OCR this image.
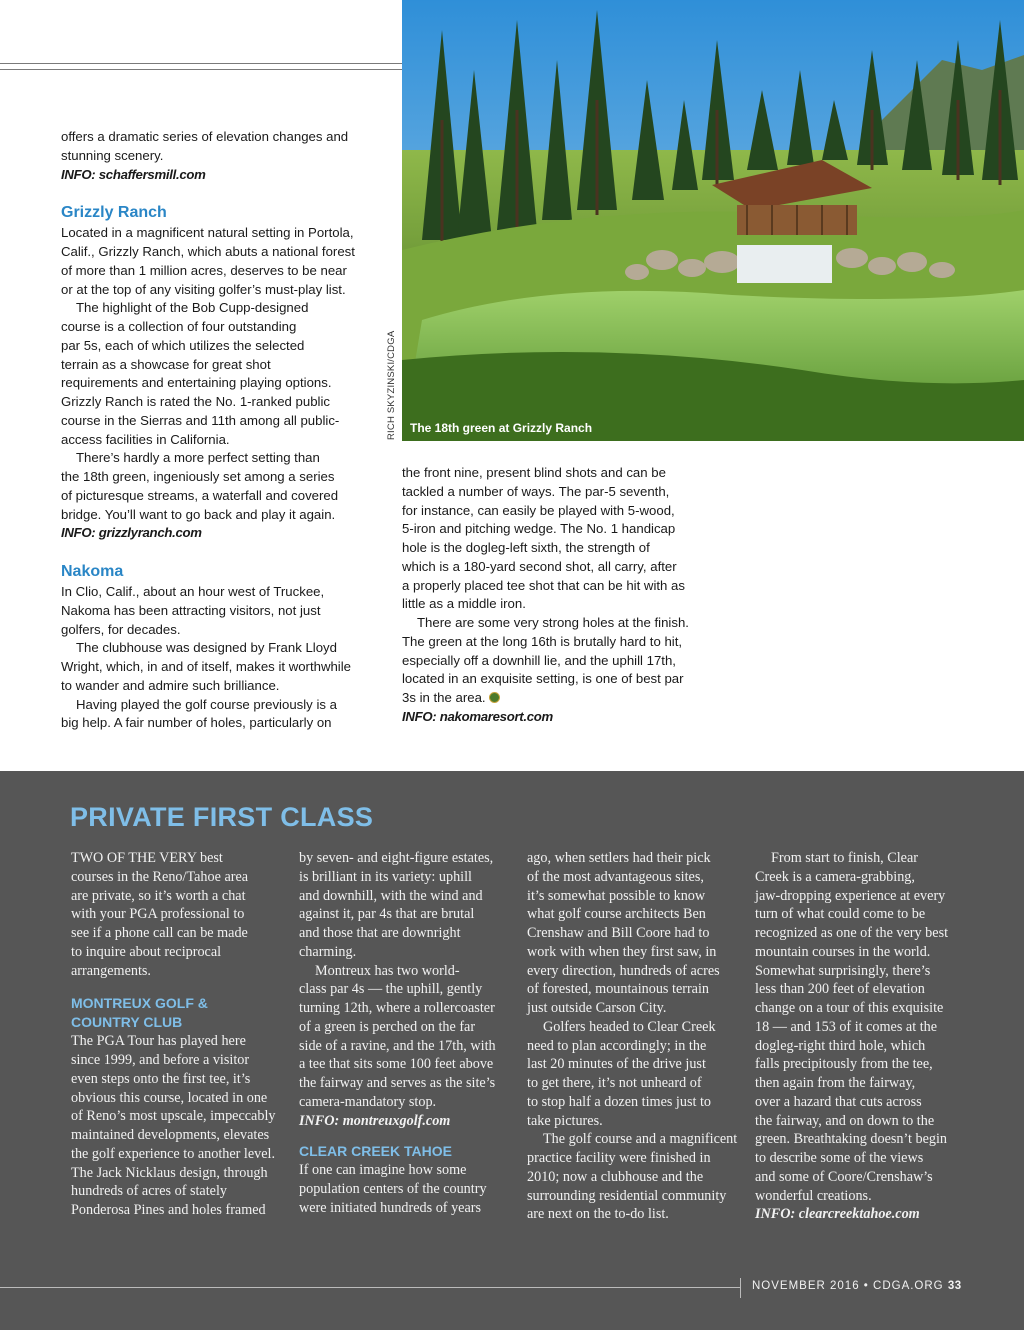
RICH SKYZINSKI/CDGA The 18th green at Grizzly Ranch

offers a dramatic series of elevation changes and
stunning scenery.

INFO: schaffersmill.com

Grizzly Ranch

Located in a magnificent natural setting in Portola,
Calif., Grizzly Ranch, which abuts a national forest
of more than 1 million acres, deserves to be near
or at the top of any visiting golfer’s must-play list.

The highlight of the Bob Cupp-designed
course is a collection of four outstanding
par 5s, each of which utilizes the selected
terrain as a showcase for great shot
requirements and entertaining playing options.
Grizzly Ranch is rated the No. 1-ranked public
course in the Sierras and 11th among all public-
access facilities in California.

There’s hardly a more perfect setting than
the 18th green, ingeniously set among a series
of picturesque streams, a waterfall and covered
bridge. You’ll want to go back and play it again.

INFO: grizzlyranch.com

Nakoma

In Clio, Calif., about an hour west of Truckee,
Nakoma has been attracting visitors, not just
golfers, for decades.

The clubhouse was designed by Frank Lloyd
Wright, which, in and of itself, makes it worthwhile
to wander and admire such brilliance.

Having played the golf course previously is a
big help. A fair number of holes, particularly on

the front nine, present blind shots and can be
tackled a number of ways. The par-5 seventh,
for instance, can easily be played with 5-wood,
5-iron and pitching wedge. The No. 1 handicap
hole is the dogleg-left sixth, the strength of
which is a 180-yard second shot, all carry, after
a properly placed tee shot that can be hit with as
little as a middle iron.

There are some very strong holes at the finish.
The green at the long 16th is brutally hard to hit,
especially off a downhill lie, and the uphill 17th,
located in an exquisite setting, is one of best par
3s in the area.

INFO: nakomaresort.com

PRIVATE FIRST CLASS

TWO OF THE VERY best
courses in the Reno/Tahoe area
are private, so it’s worth a chat
with your PGA professional to
see if a phone call can be made
to inquire about reciprocal
arrangements.

MONTREUX GOLF &
COUNTRY CLUB

The PGA Tour has played here
since 1999, and before a visitor
even steps onto the first tee, it’s
obvious this course, located in one
of Reno’s most upscale, impeccably
maintained developments, elevates
the golf experience to another level.
The Jack Nicklaus design, through
hundreds of acres of stately
Ponderosa Pines and holes framed

by seven- and eight-figure estates,
is brilliant in its variety: uphill
and downhill, with the wind and
against it, par 4s that are brutal
and those that are downright
charming.

Montreux has two world-
class par 4s — the uphill, gently
turning 12th, where a rollercoaster
of a green is perched on the far
side of a ravine, and the 17th, with
a tee that sits some 100 feet above
the fairway and serves as the site’s
camera-mandatory stop.

INFO: montreuxgolf.com

CLEAR CREEK TAHOE

If one can imagine how some
population centers of the country
were initiated hundreds of years

ago, when settlers had their pick
of the most advantageous sites,
it’s somewhat possible to know
what golf course architects Ben
Crenshaw and Bill Coore had to
work with when they first saw, in
every direction, hundreds of acres
of forested, mountainous terrain
just outside Carson City.

Golfers headed to Clear Creek
need to plan accordingly; in the
last 20 minutes of the drive just
to get there, it’s not unheard of
to stop half a dozen times just to
take pictures.

The golf course and a magnificent
practice facility were finished in
2010; now a clubhouse and the
surrounding residential community
are next on the to-do list.

From start to finish, Clear
Creek is a camera-grabbing,
jaw-dropping experience at every
turn of what could come to be
recognized as one of the very best
mountain courses in the world.
Somewhat surprisingly, there’s
less than 200 feet of elevation
change on a tour of this exquisite
18 — and 153 of it comes at the
dogleg-right third hole, which
falls precipitously from the tee,
then again from the fairway,
over a hazard that cuts across
the fairway, and on down to the
green. Breathtaking doesn’t begin
to describe some of the views
and some of Coore/Crenshaw’s
wonderful creations.

INFO: clearcreektahoe.com

NOVEMBER 2016 • CDGA.ORG 33
